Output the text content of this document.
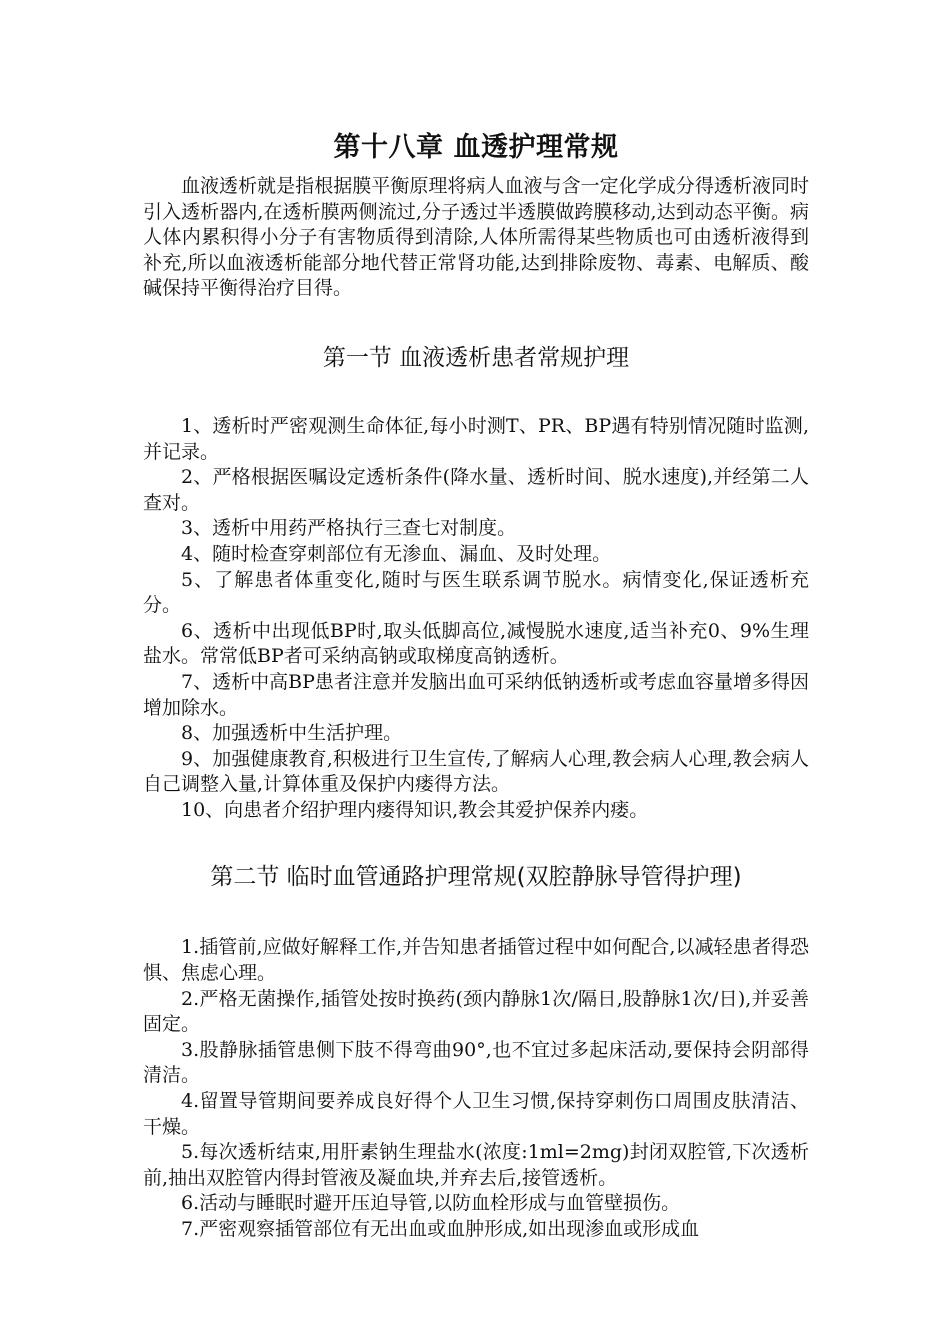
第十八章 血透护理常规

血液透析就是指根据膜平衡原理将病人血液与含一定化学成分得透析液同时引入透析器内,在透析膜两侧流过,分子透过半透膜做跨膜移动,达到动态平衡。病人体内累积得小分子有害物质得到清除,人体所需得某些物质也可由透析液得到补充,所以血液透析能部分地代替正常肾功能,达到排除废物、毒素、电解质、酸碱保持平衡得治疗目得。

第一节 血液透析患者常规护理

1、透析时严密观测生命体征,每小时测T、PR、BP遇有特别情况随时监测,并记录。

2、严格根据医嘱设定透析条件(降水量、透析时间、脱水速度),并经第二人查对。

3、透析中用药严格执行三查七对制度。

4、随时检查穿刺部位有无渗血、漏血、及时处理。

5、了解患者体重变化,随时与医生联系调节脱水。病情变化,保证透析充分。

6、透析中出现低BP时,取头低脚高位,减慢脱水速度,适当补充0、9%生理盐水。常常低BP者可采纳高钠或取梯度高钠透析。

7、透析中高BP患者注意并发脑出血可采纳低钠透析或考虑血容量增多得因增加除水。

8、加强透析中生活护理。

9、加强健康教育,积极进行卫生宣传,了解病人心理,教会病人心理,教会病人自己调整入量,计算体重及保护内瘘得方法。

10、向患者介绍护理内瘘得知识,教会其爱护保养内瘘。

第二节 临时血管通路护理常规(双腔静脉导管得护理)

1.插管前,应做好解释工作,并告知患者插管过程中如何配合,以减轻患者得恐惧、焦虑心理。

2.严格无菌操作,插管处按时换药(颈内静脉1次/隔日,股静脉1次/日),并妥善固定。

3.股静脉插管患侧下肢不得弯曲90°,也不宜过多起床活动,要保持会阴部得清洁。

4.留置导管期间要养成良好得个人卫生习惯,保持穿刺伤口周围皮肤清洁、干燥。

5.每次透析结束,用肝素钠生理盐水(浓度:1ml=2mg)封闭双腔管,下次透析前,抽出双腔管内得封管液及凝血块,并弃去后,接管透析。

6.活动与睡眠时避开压迫导管,以防血栓形成与血管壁损伤。

7.严密观察插管部位有无出血或血肿形成,如出现渗血或形成血
